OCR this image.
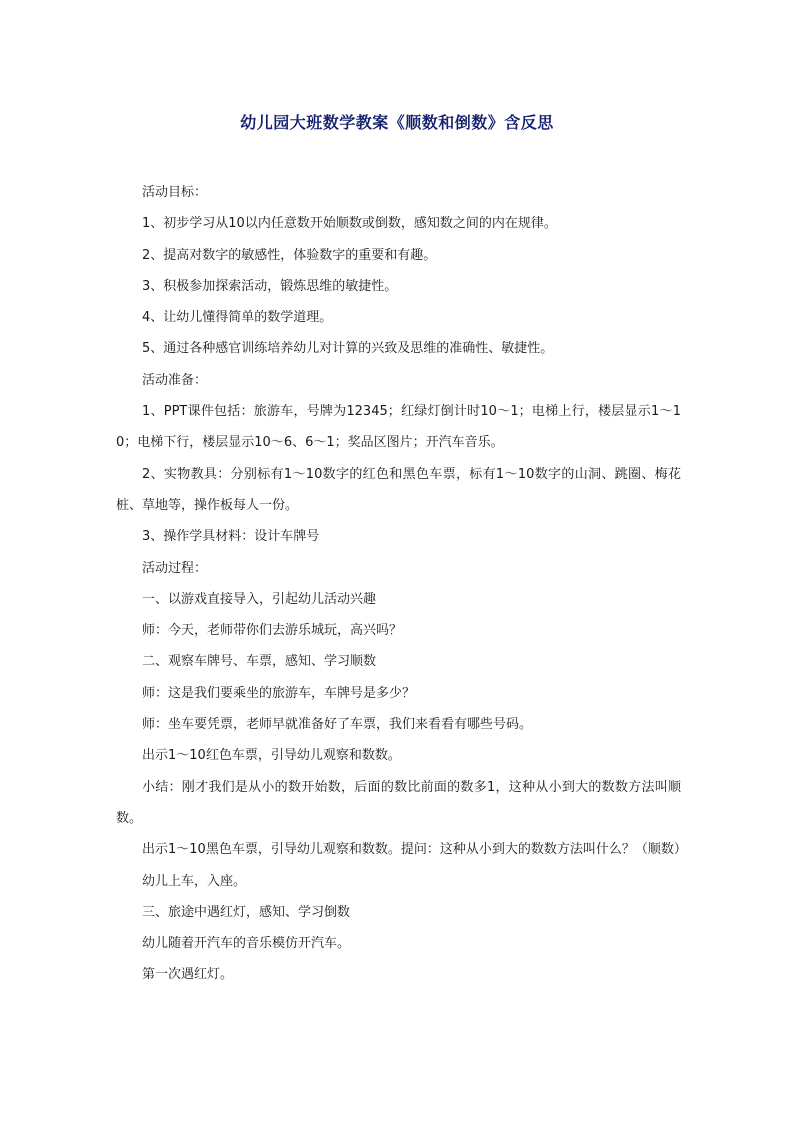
幼儿园大班数学教案《顺数和倒数》含反思

活动目标：

1、初步学习从10以内任意数开始顺数或倒数，感知数之间的内在规律。

2、提高对数字的敏感性，体验数字的重要和有趣。

3、积极参加探索活动，锻炼思维的敏捷性。

4、让幼儿懂得简单的数学道理。

5、通过各种感官训练培养幼儿对计算的兴致及思维的准确性、敏捷性。

活动准备：

1、PPT课件包括：旅游车，号牌为12345；红绿灯倒计时10～1；电梯上行，楼层显示1～10；电梯下行，楼层显示10～6、6～1；奖品区图片；开汽车音乐。

2、实物教具：分别标有1～10数字的红色和黑色车票，标有1～10数字的山洞、跳圈、梅花桩、草地等，操作板每人一份。

3、操作学具材料：设计车牌号

活动过程：

一、以游戏直接导入，引起幼儿活动兴趣

师：今天，老师带你们去游乐城玩，高兴吗？

二、观察车牌号、车票，感知、学习顺数

师：这是我们要乘坐的旅游车，车牌号是多少？

师：坐车要凭票，老师早就准备好了车票，我们来看看有哪些号码。

出示1～10红色车票，引导幼儿观察和数数。

小结：刚才我们是从小的数开始数，后面的数比前面的数多1，这种从小到大的数数方法叫顺数。

出示1～10黑色车票，引导幼儿观察和数数。提问：这种从小到大的数数方法叫什么？（顺数）

幼儿上车，入座。

三、旅途中遇红灯，感知、学习倒数

幼儿随着开汽车的音乐模仿开汽车。

第一次遇红灯。
